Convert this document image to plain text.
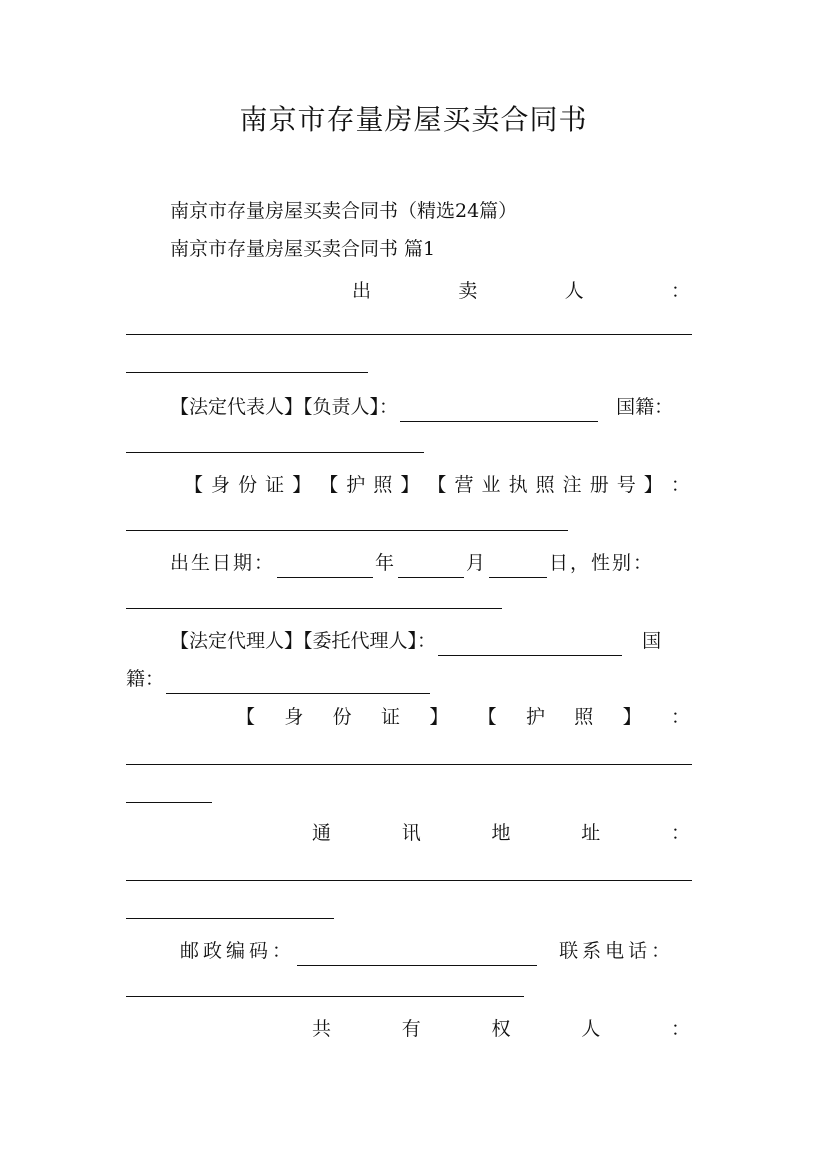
南京市存量房屋买卖合同书
南京市存量房屋买卖合同书（精选24篇）
南京市存量房屋买卖合同书 篇1
出	卖	人	：
【法定代表人】【负责人】：	国籍：
【 身 份 证 】 【 护 照 】 【 营 业 执 照 注 册 号 】 ：
出生日期：	年	月	日，性别：
【法定代理人】【委托代理人】：	国
籍：
【 身 份 证 】 【 护 照 】 ：
通	讯	地	址	：
邮政编码：	联系电话：
共	有	权	人	：
